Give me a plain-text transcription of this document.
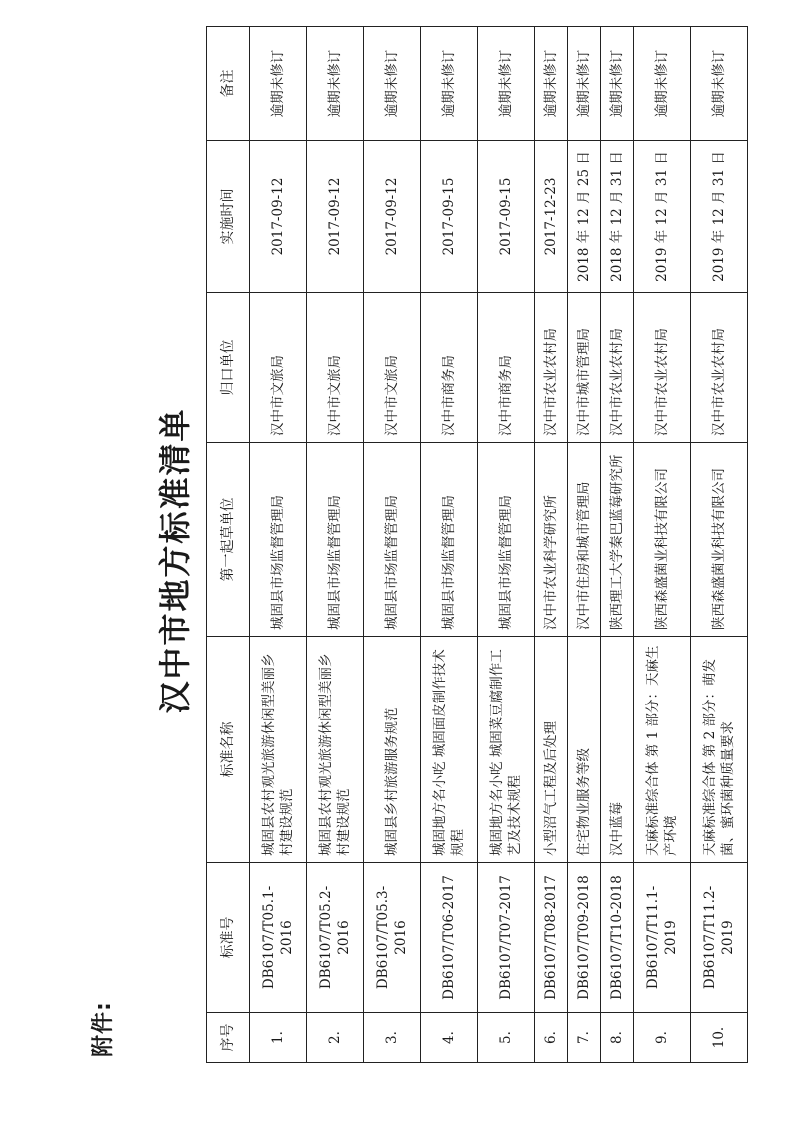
附件:
汉中市地方标准清单
序号	标准号	标准名称	第一起草单位	归口单位	实施时间	备注
1.	DB6107/T05.1-2016	城固县农村观光旅游休闲型美丽乡村建设规范	城固县市场监督管理局	汉中市文旅局	2017-09-12	逾期未修订
2.	DB6107/T05.2-2016	城固县农村观光旅游休闲型美丽乡村建设规范	城固县市场监督管理局	汉中市文旅局	2017-09-12	逾期未修订
3.	DB6107/T05.3-2016	城固县乡村旅游服务规范	城固县市场监督管理局	汉中市文旅局	2017-09-12	逾期未修订
4.	DB6107/T06-2017	城固地方名小吃 城固面皮制作技术规程	城固县市场监督管理局	汉中市商务局	2017-09-15	逾期未修订
5.	DB6107/T07-2017	城固地方名小吃 城固菜豆腐制作工艺及技术规程	城固县市场监督管理局	汉中市商务局	2017-09-15	逾期未修订
6.	DB6107/T08-2017	小型沼气工程及后处理	汉中市农业科学研究所	汉中市农业农村局	2017-12-23	逾期未修订
7.	DB6107/T09-2018	住宅物业服务等级	汉中市住房和城市管理局	汉中市城市管理局	2018 年 12 月 25 日	逾期未修订
8.	DB6107/T10-2018	汉中蓝莓	陕西理工大学秦巴蓝莓研究所	汉中市农业农村局	2018 年 12 月 31 日	逾期未修订
9.	DB6107/T11.1-2019	天麻标准综合体 第 1 部分：天麻生产环境	陕西森盛菌业科技有限公司	汉中市农业农村局	2019 年 12 月 31 日	逾期未修订
10.	DB6107/T11.2-2019	天麻标准综合体 第 2 部分：萌发菌、蜜环菌种质量要求	陕西森盛菌业科技有限公司	汉中市农业农村局	2019 年 12 月 31 日	逾期未修订
